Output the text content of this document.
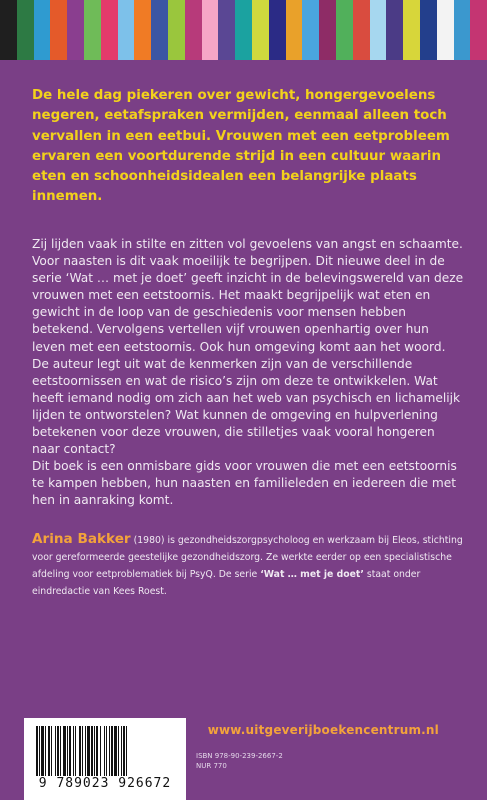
De hele dag piekeren over gewicht, hongergevoelens negeren, eetafspraken vermijden, eenmaal alleen toch vervallen in een eetbui. Vrouwen met een eetprobleem ervaren een voortdurende strijd in een cultuur waarin eten en schoonheidsidealen een belangrijke plaats innemen.

Zij lijden vaak in stilte en zitten vol gevoelens van angst en schaamte. Voor naasten is dit vaak moeilijk te begrijpen. Dit nieuwe deel in de serie ‘Wat … met je doet’ geeft inzicht in de belevingswereld van deze vrouwen met een eetstoornis. Het maakt begrijpelijk wat eten en gewicht in de loop van de geschiedenis voor mensen hebben betekend. Vervolgens vertellen vijf vrouwen openhartig over hun leven met een eetstoornis. Ook hun omgeving komt aan het woord. De auteur legt uit wat de kenmerken zijn van de verschillende eetstoornissen en wat de risico’s zijn om deze te ontwikkelen. Wat heeft iemand nodig om zich aan het web van psychisch en lichamelijk lijden te ontworstelen? Wat kunnen de omgeving en hulpverlening betekenen voor deze vrouwen, die stilletjes vaak vooral hongeren naar contact?

Dit boek is een onmisbare gids voor vrouwen die met een eetstoornis te kampen hebben, hun naasten en familieleden en iedereen die met hen in aanraking komt.

Arina Bakker (1980) is gezondheidszorgpsycholoog en werkzaam bij Eleos, stichting voor gereformeerde geestelijke gezondheidszorg. Ze werkte eerder op een specialistische afdeling voor eetproblematiek bij PsyQ. De serie ‘Wat … met je doet’ staat onder eindredactie van Kees Roest.
www.uitgeverijboekencentrum.nl
9 789023 926672
ISBN 978-90-239-2667-2
NUR 770
